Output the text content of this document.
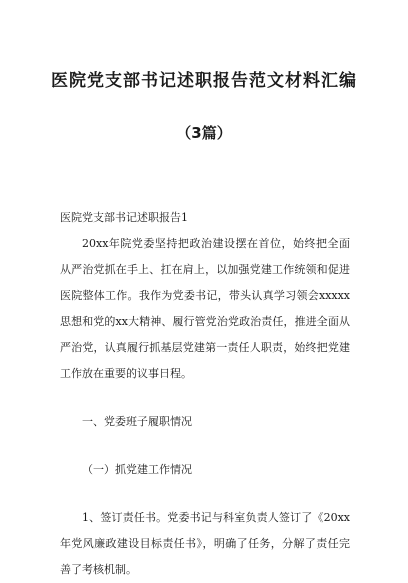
医院党支部书记述职报告范文材料汇编
（3篇）

医院党支部书记述职报告1

20xx年院党委坚持把政治建设摆在首位，始终把全面从严治党抓在手上、扛在肩上，以加强党建工作统领和促进医院整体工作。我作为党委书记，带头认真学习领会xxxxx思想和党的xx大精神、履行管党治党政治责任，推进全面从严治党，认真履行抓基层党建第一责任人职责，始终把党建工作放在重要的议事日程。

一、党委班子履职情况

（一）抓党建工作情况

1、签订责任书。党委书记与科室负责人签订了《20xx年党风廉政建设目标责任书》，明确了任务，分解了责任完善了考核机制。
